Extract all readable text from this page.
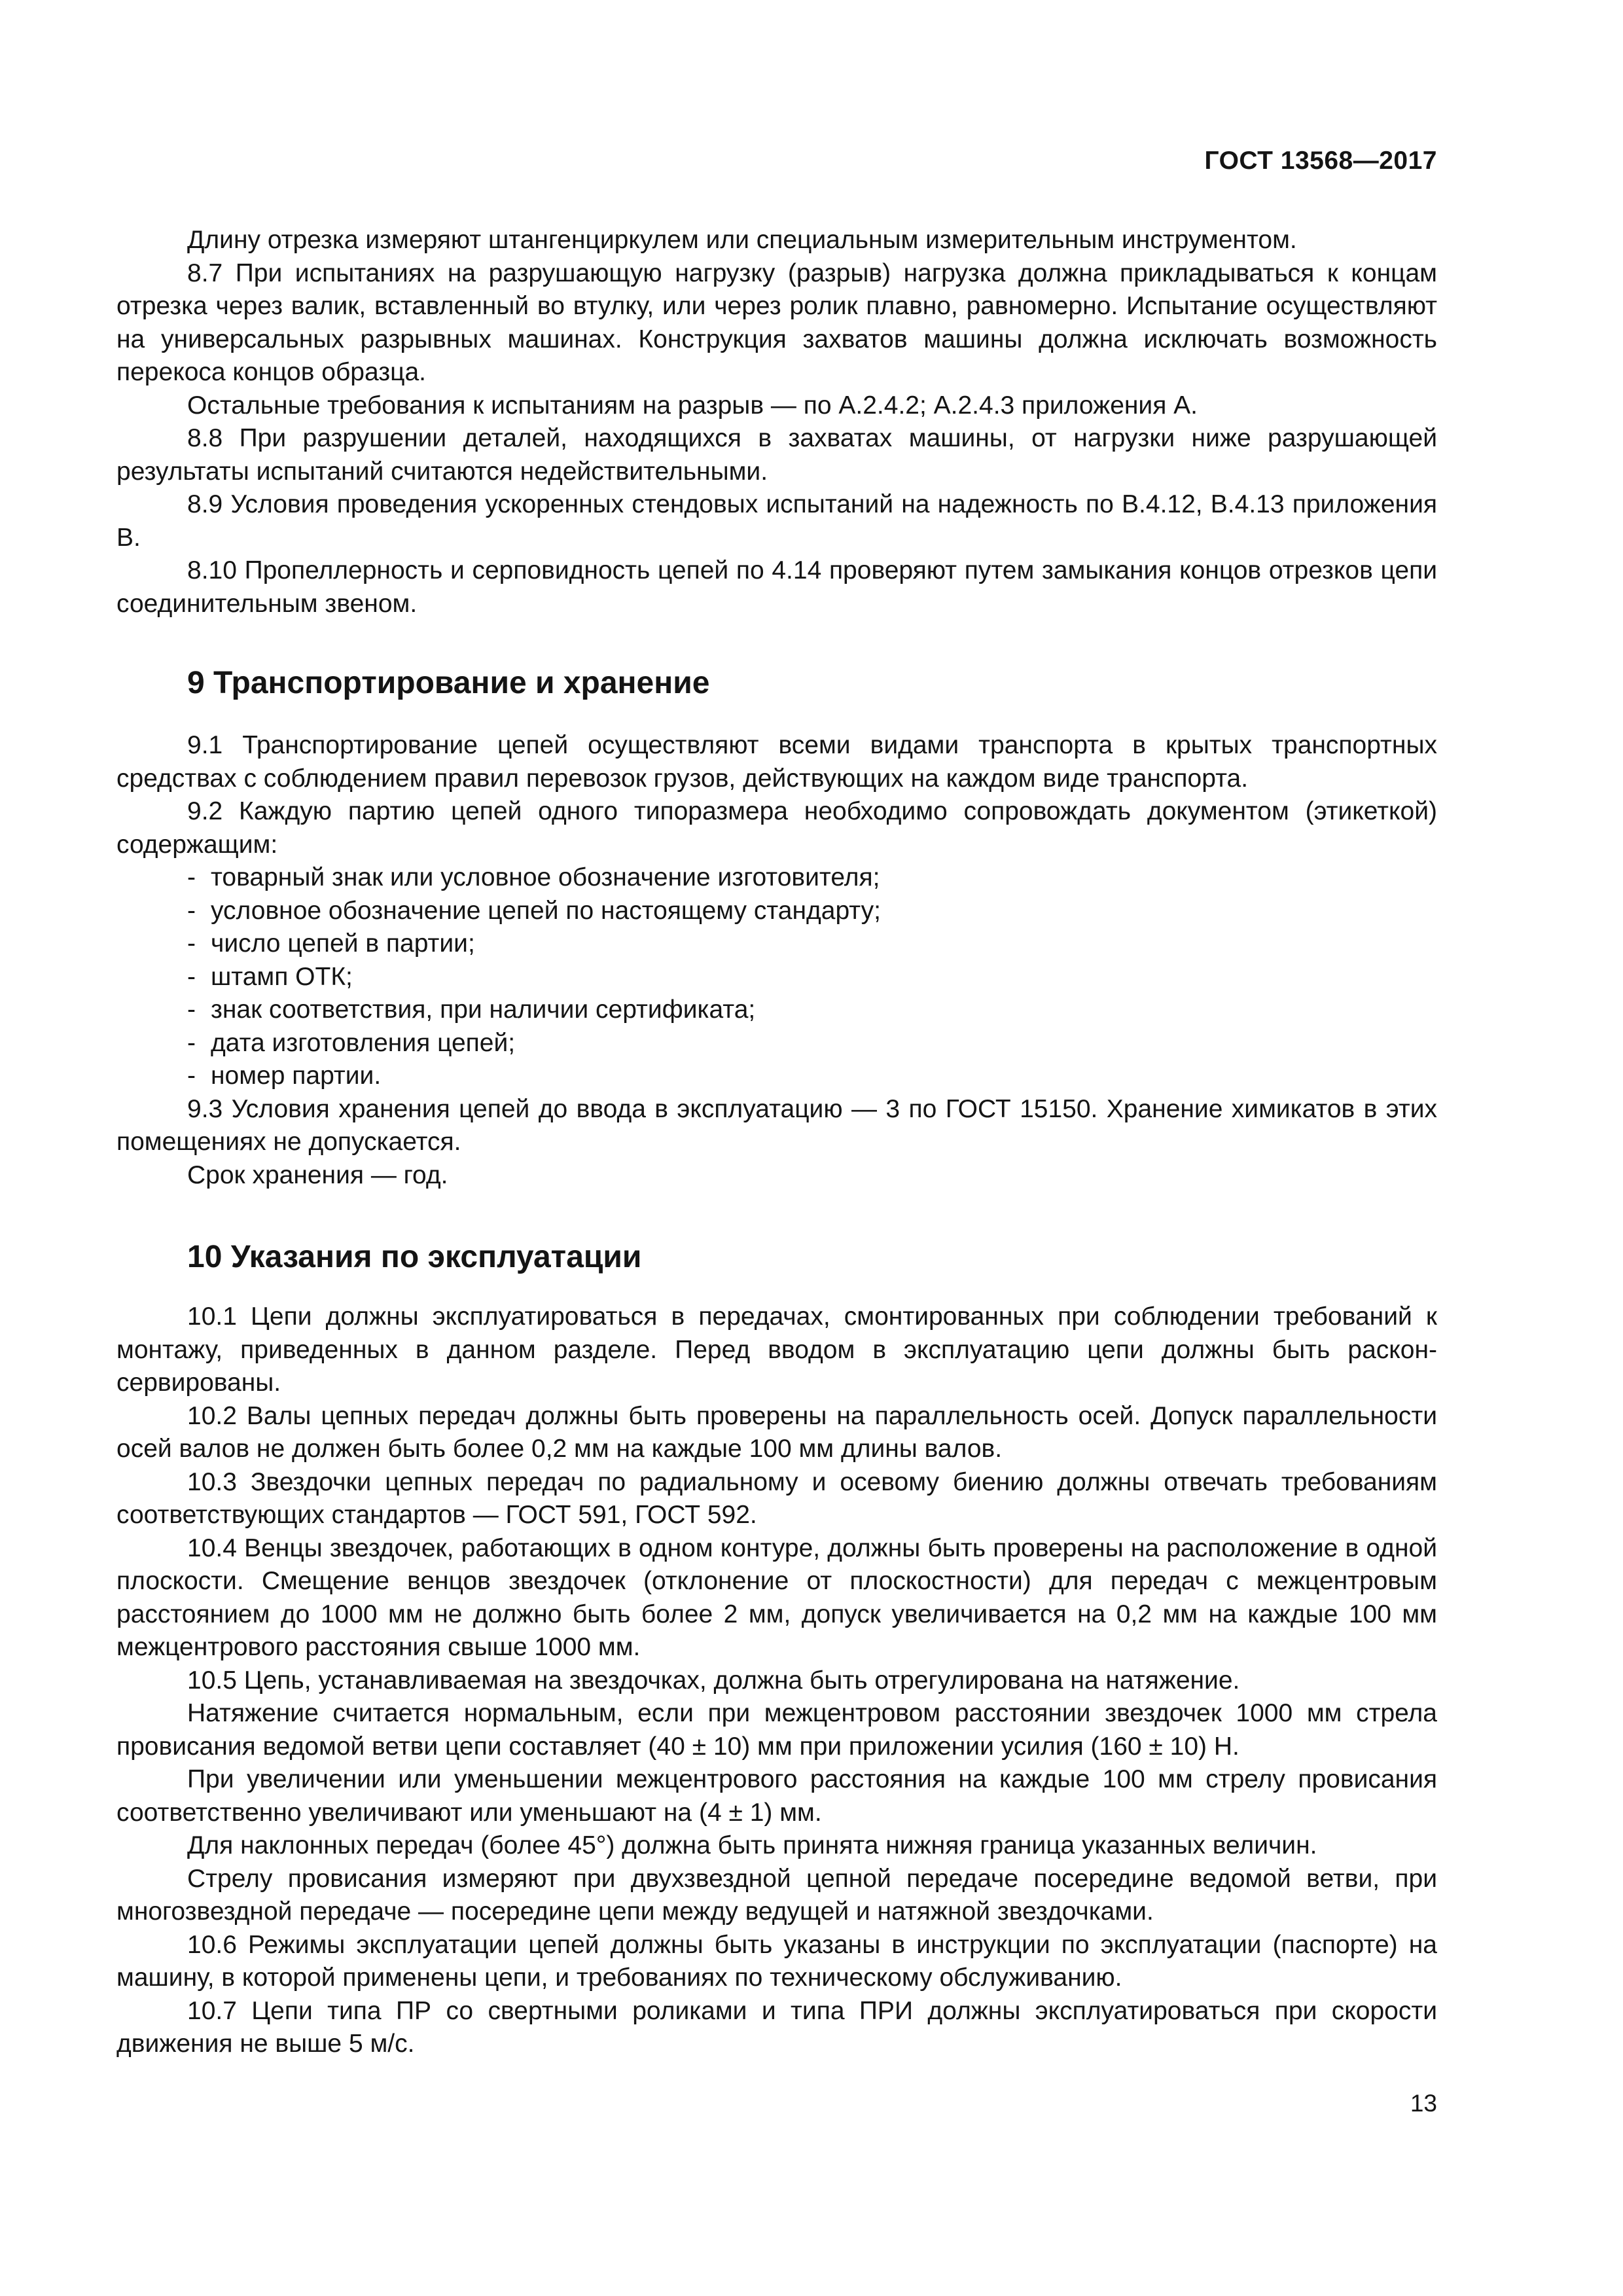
ГОСТ 13568—2017

Длину отрезка измеряют штангенциркулем или специальным измерительным инструментом.

8.7 При испытаниях на разрушающую нагрузку (разрыв) нагрузка должна прикладываться к концам отрезка через валик, вставленный во втулку, или через ролик плавно, равномерно. Испытание осуществляют на универсальных разрывных машинах. Конструкция захватов машины должна исключать возможность перекоса концов образца.

Остальные требования к испытаниям на разрыв — по А.2.4.2; А.2.4.3 приложения А.

8.8 При разрушении деталей, находящихся в захватах машины, от нагрузки ниже разрушающей результаты испытаний считаются недействительными.

8.9 Условия проведения ускоренных стендовых испытаний на надежность по В.4.12, В.4.13 приложения В.

8.10 Пропеллерность и серповидность цепей по 4.14 проверяют путем замыкания концов отрезков цепи соединительным звеном.

9 Транспортирование и хранение

9.1 Транспортирование цепей осуществляют всеми видами транспорта в крытых транспортных средствах с соблюдением правил перевозок грузов, действующих на каждом виде транспорта.

9.2 Каждую партию цепей одного типоразмера необходимо сопровождать документом (этикеткой) содержащим:

- товарный знак или условное обозначение изготовителя;
- условное обозначение цепей по настоящему стандарту;
- число цепей в партии;
- штамп ОТК;
- знак соответствия, при наличии сертификата;
- дата изготовления цепей;
- номер партии.

9.3 Условия хранения цепей до ввода в эксплуатацию — 3 по ГОСТ 15150. Хранение химикатов в этих помещениях не допускается.

Срок хранения — год.

10 Указания по эксплуатации

10.1 Цепи должны эксплуатироваться в передачах, смонтированных при соблюдении требований к монтажу, приведенных в данном разделе. Перед вводом в эксплуатацию цепи должны быть расконсервированы.

10.2 Валы цепных передач должны быть проверены на параллельность осей. Допуск параллельности осей валов не должен быть более 0,2 мм на каждые 100 мм длины валов.

10.3 Звездочки цепных передач по радиальному и осевому биению должны отвечать требованиям соответствующих стандартов — ГОСТ 591, ГОСТ 592.

10.4 Венцы звездочек, работающих в одном контуре, должны быть проверены на расположение в одной плоскости. Смещение венцов звездочек (отклонение от плоскостности) для передач с межцентровым расстоянием до 1000 мм не должно быть более 2 мм, допуск увеличивается на 0,2 мм на каждые 100 мм межцентрового расстояния свыше 1000 мм.

10.5 Цепь, устанавливаемая на звездочках, должна быть отрегулирована на натяжение.

Натяжение считается нормальным, если при межцентровом расстоянии звездочек 1000 мм стрела провисания ведомой ветви цепи составляет (40 ± 10) мм при приложении усилия (160 ± 10) Н.

При увеличении или уменьшении межцентрового расстояния на каждые 100 мм стрелу провисания соответственно увеличивают или уменьшают на (4 ± 1) мм.

Для наклонных передач (более 45°) должна быть принята нижняя граница указанных величин.

Стрелу провисания измеряют при двухзвездной цепной передаче посередине ведомой ветви, при многозвездной передаче — посередине цепи между ведущей и натяжной звездочками.

10.6 Режимы эксплуатации цепей должны быть указаны в инструкции по эксплуатации (паспорте) на машину, в которой применены цепи, и требованиях по техническому обслуживанию.

10.7 Цепи типа ПР со свертными роликами и типа ПРИ должны эксплуатироваться при скорости движения не выше 5 м/с.

13
